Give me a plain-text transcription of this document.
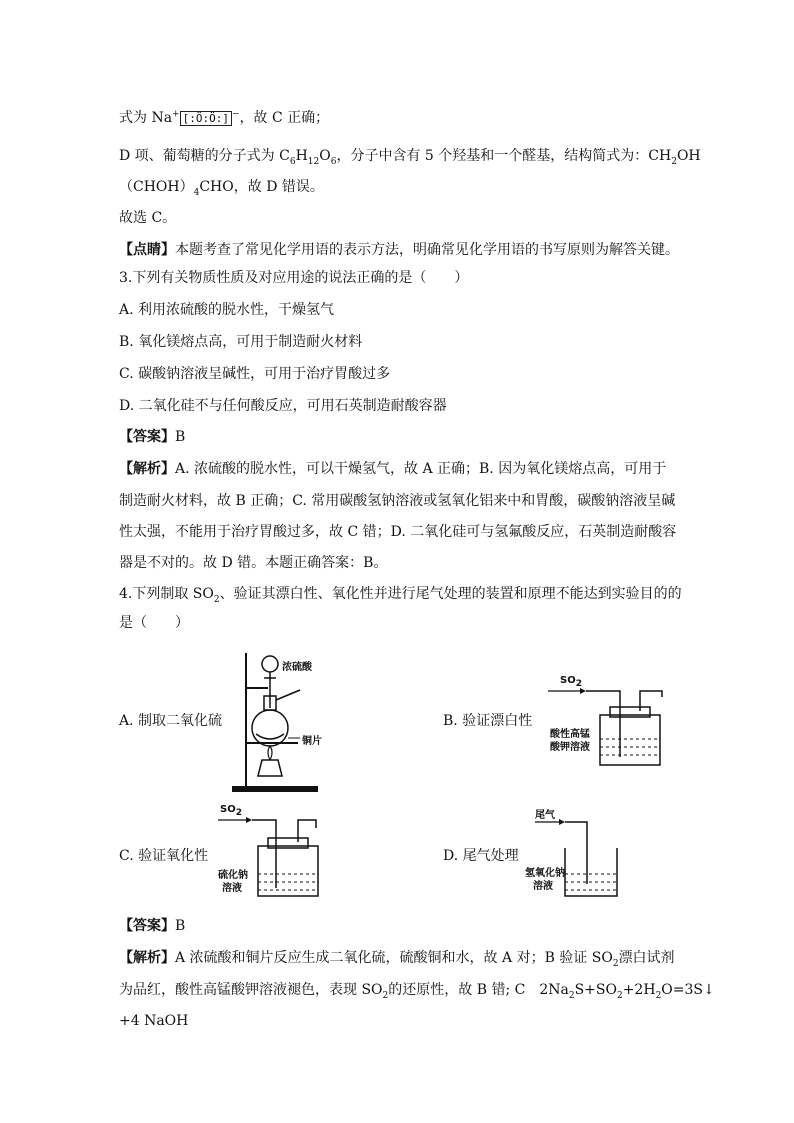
式为 Na+ [:Ö:Ö:] −，故 C 正确；
D 项、葡萄糖的分子式为 $C_6H_{12}O_6$，分子中含有 5 个羟基和一个醛基，结构简式为：$CH_2OH$
$(CHOH)_4CHO$，故 D 错误。
故选 C。
【点睛】本题考查了常见化学用语的表示方法，明确常见化学用语的书写原则为解答关键。
3.下列有关物质性质及对应用途的说法正确的是（　　）
A. 利用浓硫酸的脱水性，干燥氢气
B. 氧化镁熔点高，可用于制造耐火材料
C. 碳酸钠溶液呈碱性，可用于治疗胃酸过多
D. 二氧化硅不与任何酸反应，可用石英制造耐酸容器
【答案】B
【解析】A. 浓硫酸的脱水性，可以干燥氢气，故 A 正确；B. 因为氧化镁熔点高，可用于
制造耐火材料，故 B 正确；C. 常用碳酸氢钠溶液或氢氧化铝来中和胃酸，碳酸钠溶液呈碱
性太强，不能用于治疗胃酸过多，故 C 错；D. 二氧化硅可与氢氟酸反应，石英制造耐酸容
器是不对的。故 D 错。本题正确答案：B。
4.下列制取 $SO_2$、验证其漂白性、氧化性并进行尾气处理的装置和原理不能达到实验目的的
是（　　）
A. 制取二氧化硫	B. 验证漂白性
C. 验证氧化性	D. 尾气处理
浓硫酸
铜片
$SO_2$
酸性高锰
酸钾溶液
$SO_2$
硫化钠
溶液
尾气
氢氧化钠
溶液
【答案】B
【解析】A 浓硫酸和铜片反应生成二氧化硫，硫酸铜和水，故 A 对；B 验证 $SO_2$漂白试剂
为品红，酸性高锰酸钾溶液褪色，表现 $SO_2$的还原性，故 B 错; C　$2Na_2S+SO_2+2H_2O=3S↓$
+4 NaOH
